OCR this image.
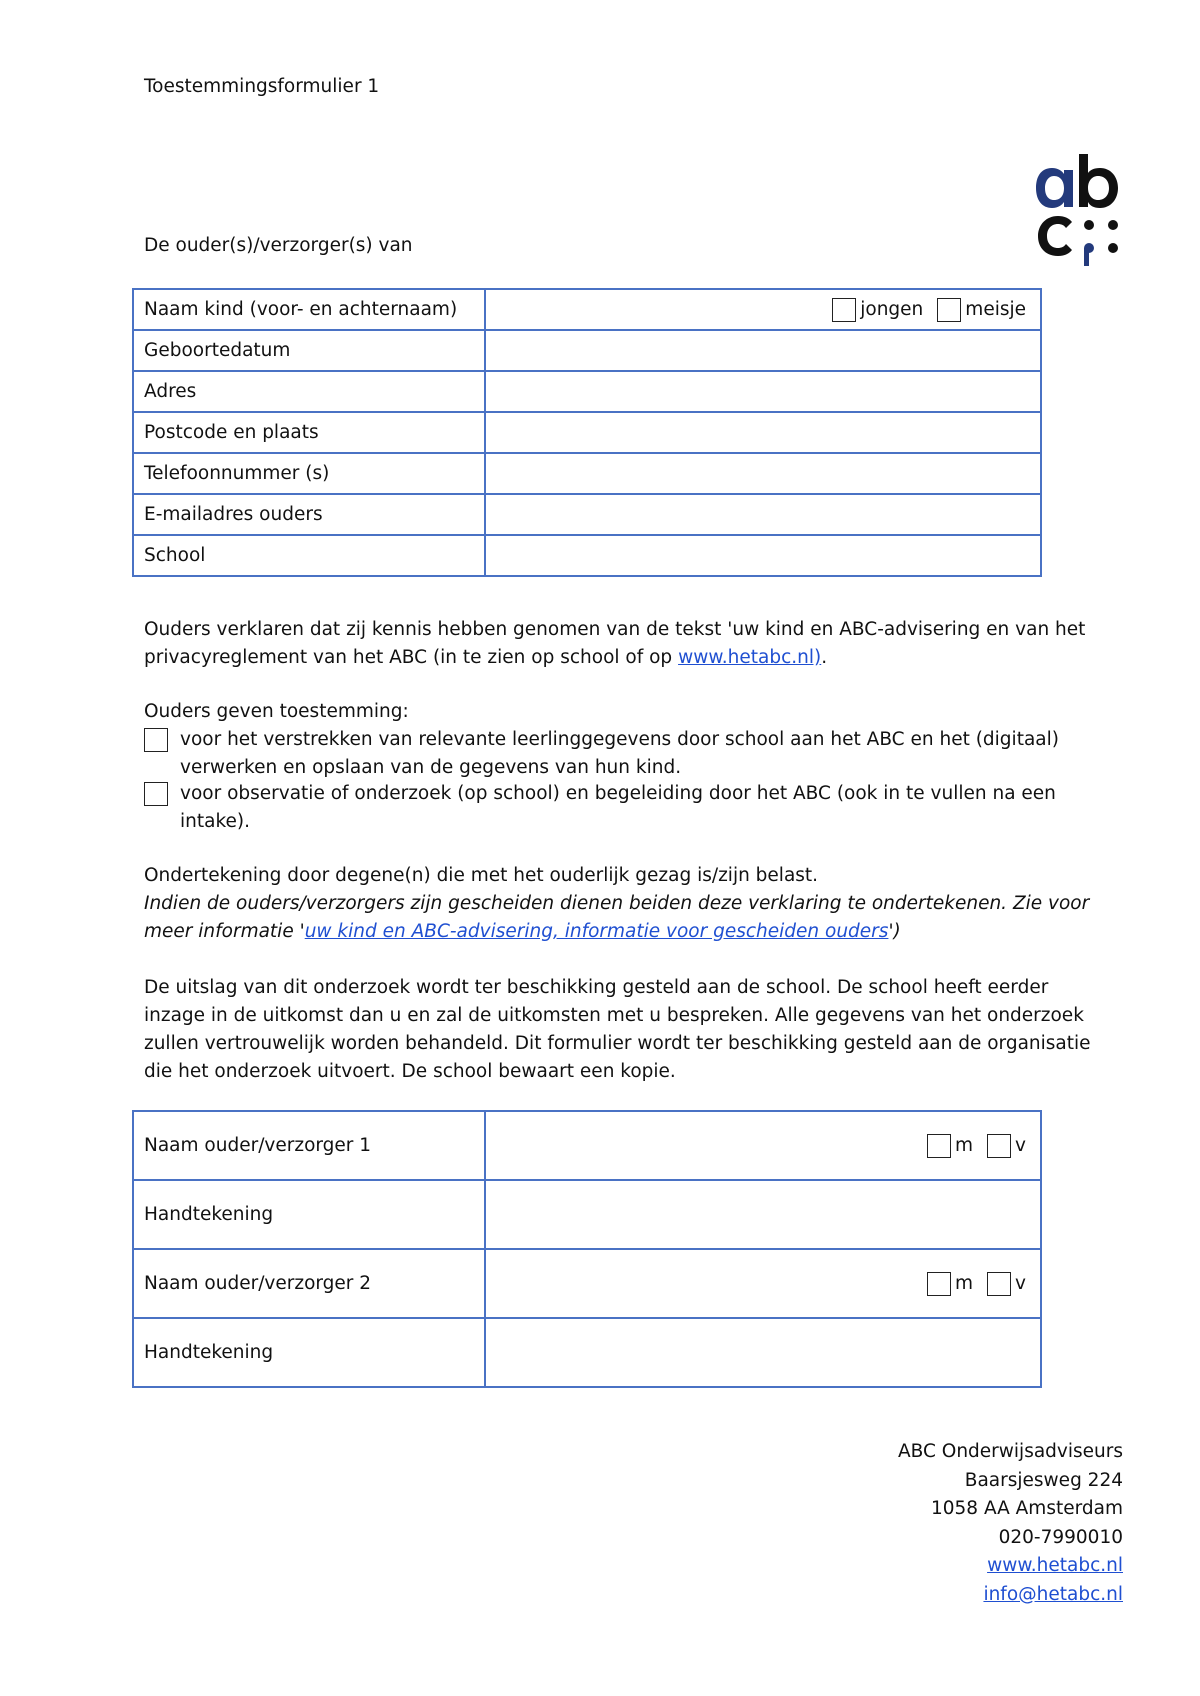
Toestemmingsformulier 1
De ouder(s)/verzorger(s) van
Naam kind (voor- en achternaam)	jongen meisje

Geboortedatum	
Adres	
Postcode en plaats	
Telefoonnummer (s)	
E-mailadres ouders	
School	
Ouders verklaren dat zij kennis hebben genomen van de tekst 'uw kind en ABC-advisering en van het privacyreglement van het ABC (in te zien op school of op www.hetabc.nl).
Ouders geven toestemming:
voor het verstrekken van relevante leerlinggegevens door school aan het ABC en het (digitaal) verwerken en opslaan van de gegevens van hun kind.
voor observatie of onderzoek (op school) en begeleiding door het ABC (ook in te vullen na een intake).
Ondertekening door degene(n) die met het ouderlijk gezag is/zijn belast.
Indien de ouders/verzorgers zijn gescheiden dienen beiden deze verklaring te ondertekenen. Zie voor meer informatie 'uw kind en ABC-advisering, informatie voor gescheiden ouders')
De uitslag van dit onderzoek wordt ter beschikking gesteld aan de school. De school heeft eerder inzage in de uitkomst dan u en zal de uitkomsten met u bespreken. Alle gegevens van het onderzoek zullen vertrouwelijk worden behandeld. Dit formulier wordt ter beschikking gesteld aan de organisatie die het onderzoek uitvoert. De school bewaart een kopie.
Naam ouder/verzorger 1	m v

Handtekening	
Naam ouder/verzorger 2	m v

Handtekening	
ABC Onderwijsadviseurs
Baarsjesweg 224
1058 AA Amsterdam
020-7990010
www.hetabc.nl
info@hetabc.nl
